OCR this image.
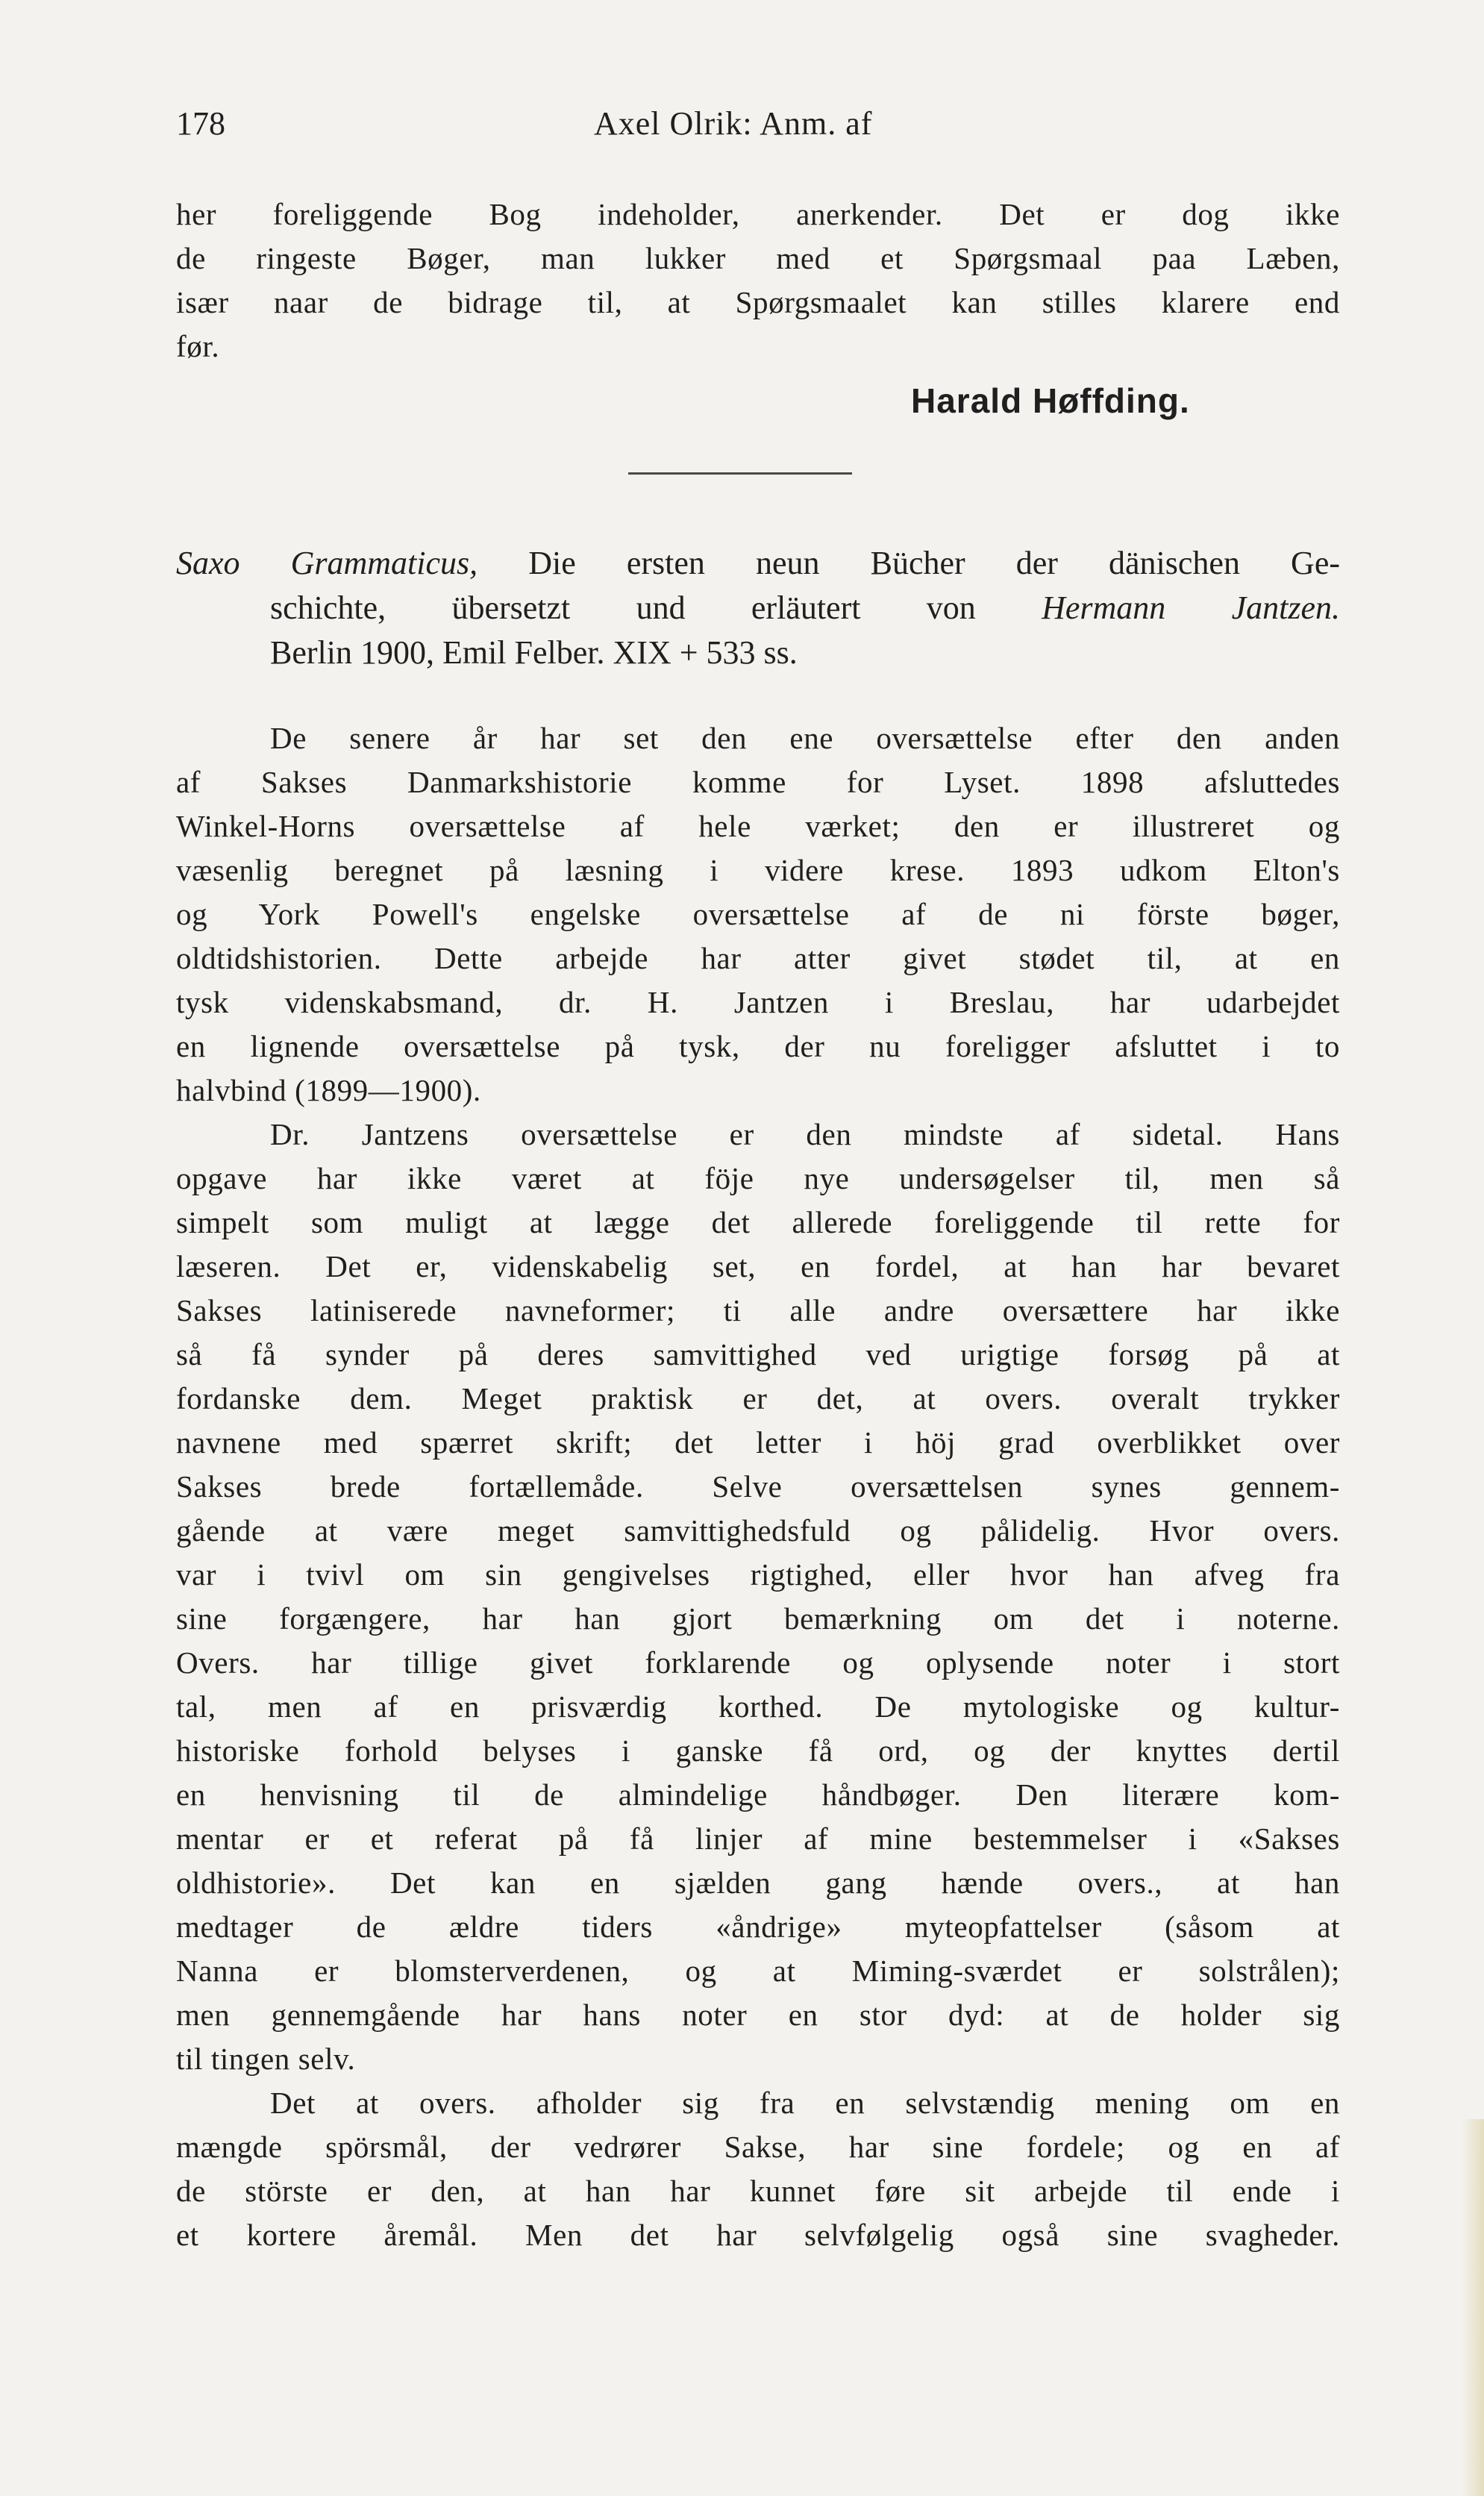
178	Axel Olrik: Anm. af
her foreliggende Bog indeholder, anerkender. Det er dog ikke
de ringeste Bøger, man lukker med et Spørgsmaal paa Læben,
især naar de bidrage til, at Spørgsmaalet kan stilles klarere end
før.
Harald Høffding.
Saxo Grammaticus, Die ersten neun Bücher der dänischen Ge-
schichte, übersetzt und erläutert von Hermann Jantzen.
Berlin 1900, Emil Felber. XIX + 533 ss.
De senere år har set den ene oversættelse efter den anden
af Sakses Danmarkshistorie komme for Lyset. 1898 afsluttedes
Winkel-Horns oversættelse af hele værket; den er illustreret og
væsenlig beregnet på læsning i videre krese. 1893 udkom Elton's
og York Powell's engelske oversættelse af de ni förste bøger,
oldtidshistorien. Dette arbejde har atter givet stødet til, at en
tysk videnskabsmand, dr. H. Jantzen i Breslau, har udarbejdet
en lignende oversættelse på tysk, der nu foreligger afsluttet i to
halvbind (1899—1900).
Dr. Jantzens oversættelse er den mindste af sidetal. Hans
opgave har ikke været at föje nye undersøgelser til, men så
simpelt som muligt at lægge det allerede foreliggende til rette for
læseren. Det er, videnskabelig set, en fordel, at han har bevaret
Sakses latiniserede navneformer; ti alle andre oversættere har ikke
så få synder på deres samvittighed ved urigtige forsøg på at
fordanske dem. Meget praktisk er det, at overs. overalt trykker
navnene med spærret skrift; det letter i höj grad overblikket over
Sakses brede fortællemåde. Selve oversættelsen synes gennem-
gående at være meget samvittighedsfuld og pålidelig. Hvor overs.
var i tvivl om sin gengivelses rigtighed, eller hvor han afveg fra
sine forgængere, har han gjort bemærkning om det i noterne.
Overs. har tillige givet forklarende og oplysende noter i stort
tal, men af en prisværdig korthed. De mytologiske og kultur-
historiske forhold belyses i ganske få ord, og der knyttes dertil
en henvisning til de almindelige håndbøger. Den literære kom-
mentar er et referat på få linjer af mine bestemmelser i «Sakses
oldhistorie». Det kan en sjælden gang hænde overs., at han
medtager de ældre tiders «åndrige» myteopfattelser (såsom at
Nanna er blomsterverdenen, og at Miming-sværdet er solstrålen);
men gennemgående har hans noter en stor dyd: at de holder sig
til tingen selv.
Det at overs. afholder sig fra en selvstændig mening om en
mængde spörsmål, der vedrører Sakse, har sine fordele; og en af
de störste er den, at han har kunnet føre sit arbejde til ende i
et kortere åremål. Men det har selvfølgelig også sine svagheder.
